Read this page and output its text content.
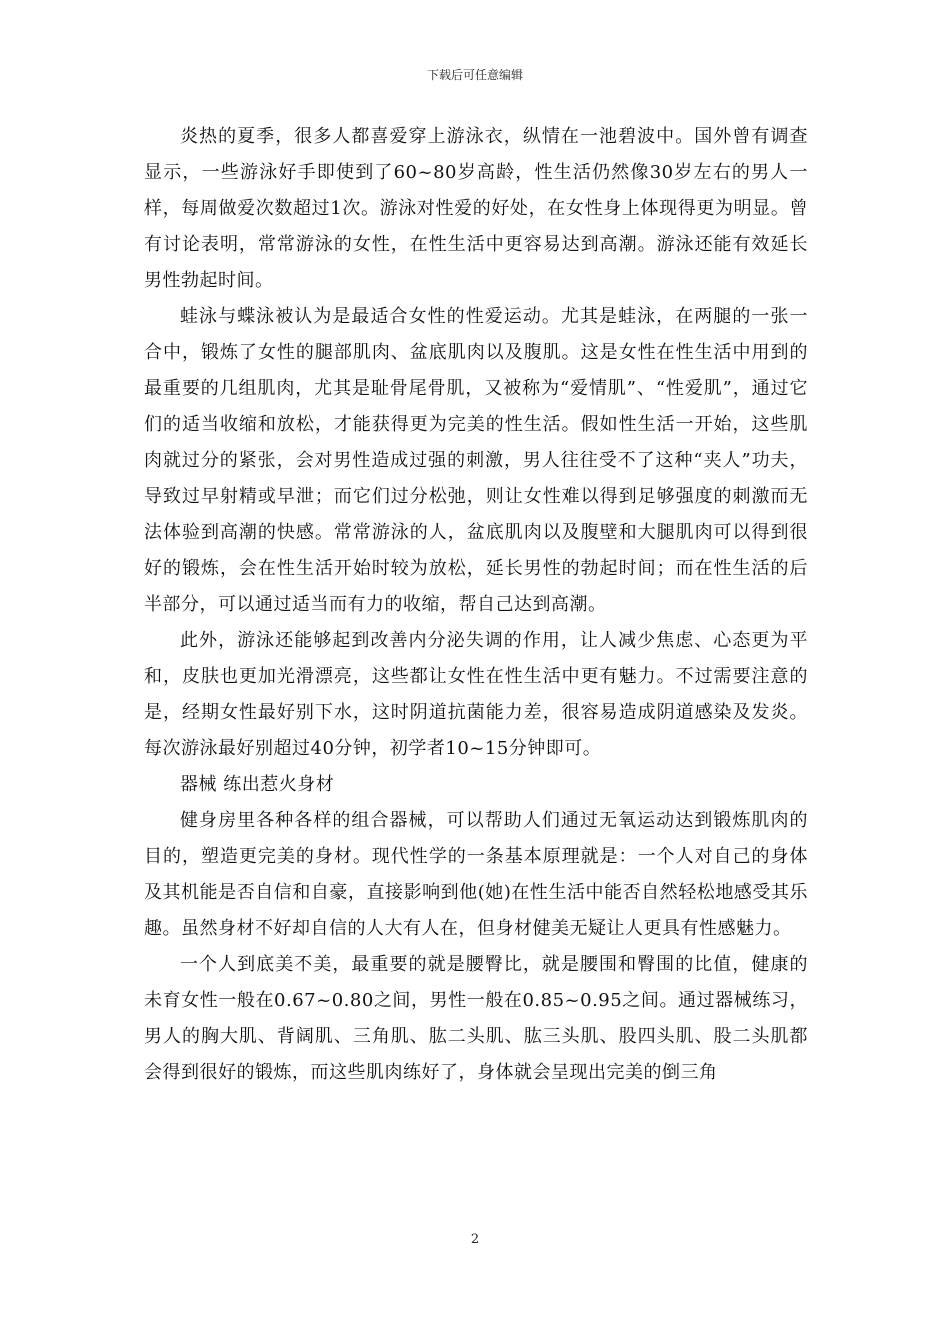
下载后可任意编辑

炎热的夏季，很多人都喜爱穿上游泳衣，纵情在一池碧波中。国外曾有调查显示，一些游泳好手即使到了60~80岁高龄，性生活仍然像30岁左右的男人一样，每周做爱次数超过1次。游泳对性爱的好处，在女性身上体现得更为明显。曾有讨论表明，常常游泳的女性，在性生活中更容易达到高潮。游泳还能有效延长男性勃起时间。

蛙泳与蝶泳被认为是最适合女性的性爱运动。尤其是蛙泳，在两腿的一张一合中，锻炼了女性的腿部肌肉、盆底肌肉以及腹肌。这是女性在性生活中用到的最重要的几组肌肉，尤其是耻骨尾骨肌，又被称为“爱情肌”、“性爱肌”，通过它们的适当收缩和放松，才能获得更为完美的性生活。假如性生活一开始，这些肌肉就过分的紧张，会对男性造成过强的刺激，男人往往受不了这种“夹人”功夫，导致过早射精或早泄；而它们过分松弛，则让女性难以得到足够强度的刺激而无法体验到高潮的快感。常常游泳的人，盆底肌肉以及腹壁和大腿肌肉可以得到很好的锻炼，会在性生活开始时较为放松，延长男性的勃起时间；而在性生活的后半部分，可以通过适当而有力的收缩，帮自己达到高潮。

此外，游泳还能够起到改善内分泌失调的作用，让人减少焦虑、心态更为平和，皮肤也更加光滑漂亮，这些都让女性在性生活中更有魅力。不过需要注意的是，经期女性最好别下水，这时阴道抗菌能力差，很容易造成阴道感染及发炎。每次游泳最好别超过40分钟，初学者10~15分钟即可。

器械 练出惹火身材

健身房里各种各样的组合器械，可以帮助人们通过无氧运动达到锻炼肌肉的目的，塑造更完美的身材。现代性学的一条基本原理就是：一个人对自己的身体及其机能是否自信和自豪，直接影响到他(她)在性生活中能否自然轻松地感受其乐趣。虽然身材不好却自信的人大有人在，但身材健美无疑让人更具有性感魅力。

一个人到底美不美，最重要的就是腰臀比，就是腰围和臀围的比值，健康的未育女性一般在0.67~0.80之间，男性一般在0.85~0.95之间。通过器械练习，男人的胸大肌、背阔肌、三角肌、肱二头肌、肱三头肌、股四头肌、股二头肌都会得到很好的锻炼，而这些肌肉练好了，身体就会呈现出完美的倒三角

2
